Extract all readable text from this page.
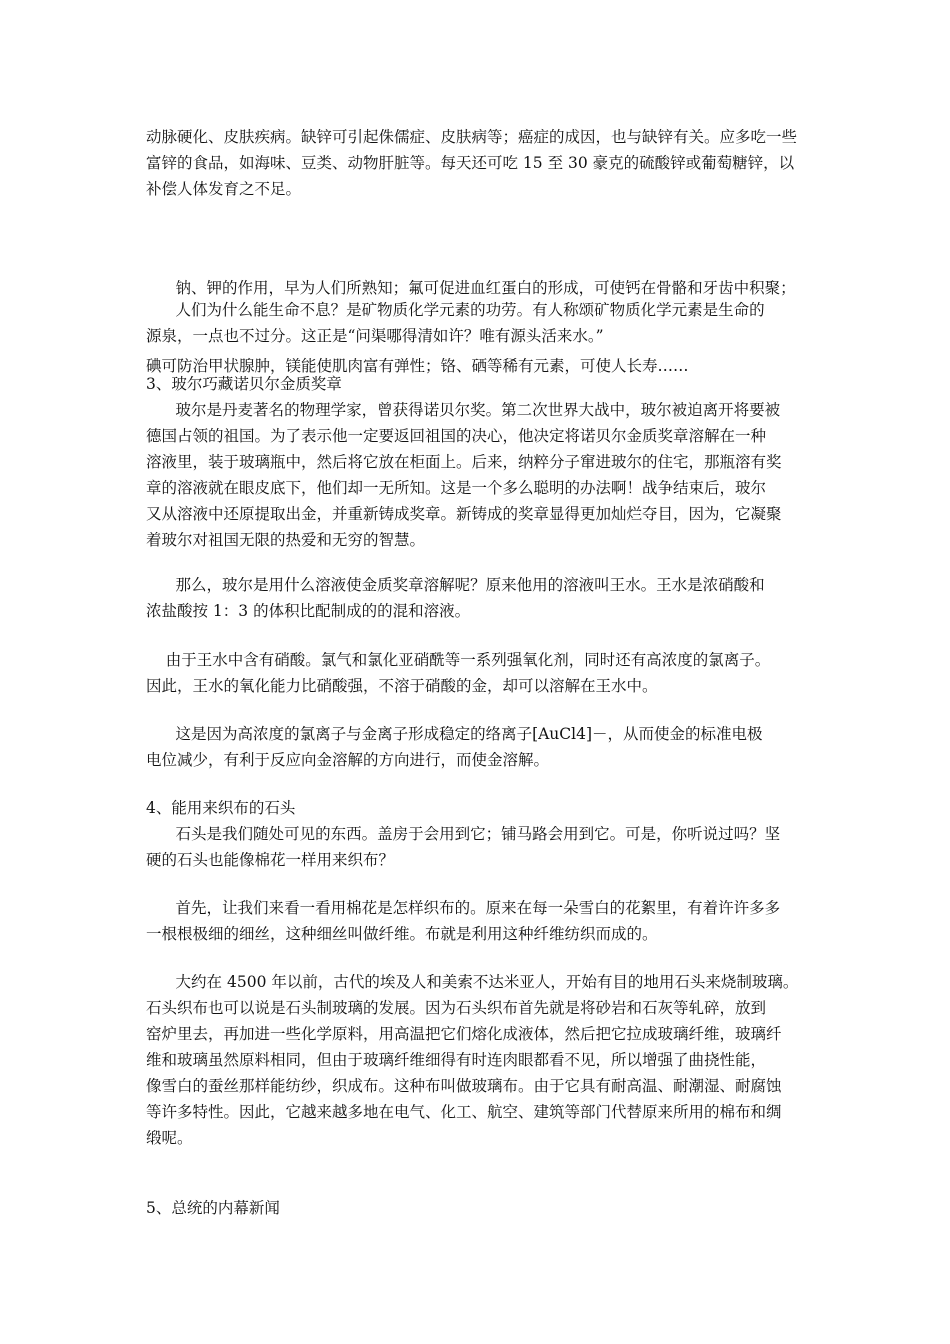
动脉硬化、皮肤疾病。缺锌可引起侏儒症、皮肤病等；癌症的成因，也与缺锌有关。应多吃一些
富锌的食品，如海味、豆类、动物肝脏等。每天还可吃 15 至 30 豪克的硫酸锌或葡萄糖锌，以
补偿人体发育之不足。

钠、钾的作用，早为人们所熟知；氟可促进血红蛋白的形成，可使钙在骨骼和牙齿中积聚；

碘可防治甲状腺肿，镁能使肌肉富有弹性；铬、硒等稀有元素，可使人长寿……

人们为什么能生命不息？是矿物质化学元素的功劳。有人称颂矿物质化学元素是生命的
源泉，一点也不过分。这正是“问渠哪得清如许？唯有源头活来水。”

3、玻尔巧藏诺贝尔金质奖章

玻尔是丹麦著名的物理学家，曾获得诺贝尔奖。第二次世界大战中，玻尔被迫离开将要被
德国占领的祖国。为了表示他一定要返回祖国的决心，他决定将诺贝尔金质奖章溶解在一种
溶液里，装于玻璃瓶中，然后将它放在柜面上。后来，纳粹分子窜进玻尔的住宅，那瓶溶有奖
章的溶液就在眼皮底下，他们却一无所知。这是一个多么聪明的办法啊！战争结束后，玻尔
又从溶液中还原提取出金，并重新铸成奖章。新铸成的奖章显得更加灿烂夺目，因为，它凝聚
着玻尔对祖国无限的热爱和无穷的智慧。

那么，玻尔是用什么溶液使金质奖章溶解呢？原来他用的溶液叫王水。王水是浓硝酸和
浓盐酸按 1：3 的体积比配制成的的混和溶液。

由于王水中含有硝酸。氯气和氯化亚硝酰等一系列强氧化剂，同时还有高浓度的氯离子。
因此，王水的氧化能力比硝酸强，不溶于硝酸的金，却可以溶解在王水中。

这是因为高浓度的氯离子与金离子形成稳定的络离子[AuCl4]－，从而使金的标准电极
电位减少，有利于反应向金溶解的方向进行，而使金溶解。

4、能用来织布的石头

石头是我们随处可见的东西。盖房于会用到它；铺马路会用到它。可是，你听说过吗？坚
硬的石头也能像棉花一样用来织布？

首先，让我们来看一看用棉花是怎样织布的。原来在每一朵雪白的花絮里，有着许许多多
一根根极细的细丝，这种细丝叫做纤维。布就是利用这种纤维纺织而成的。

大约在 4500 年以前，古代的埃及人和美索不达米亚人，开始有目的地用石头来烧制玻璃。
石头织布也可以说是石头制玻璃的发展。因为石头织布首先就是将砂岩和石灰等轧碎，放到
窑炉里去，再加进一些化学原料，用高温把它们熔化成液体，然后把它拉成玻璃纤维，玻璃纤
维和玻璃虽然原料相同，但由于玻璃纤维细得有时连肉眼都看不见，所以增强了曲挠性能，
像雪白的蚕丝那样能纺纱，织成布。这种布叫做玻璃布。由于它具有耐高温、耐潮湿、耐腐蚀
等许多特性。因此，它越来越多地在电气、化工、航空、建筑等部门代替原来所用的棉布和绸
缎呢。

5、总统的内幕新闻
